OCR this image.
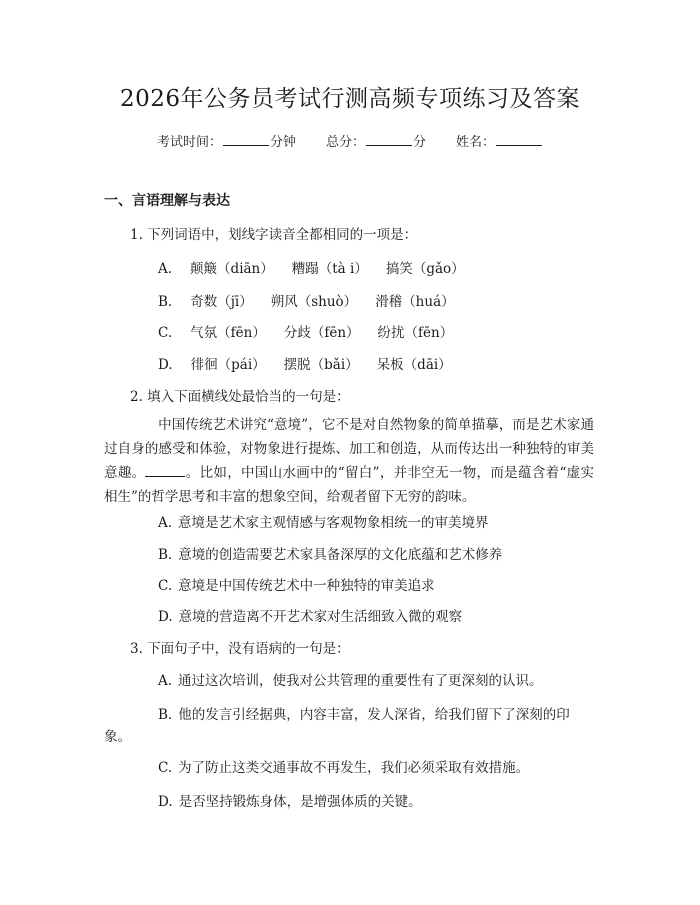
2026年公务员考试行测高频专项练习及答案
考试时间：	分钟 总分：	分 姓名：
一、言语理解与表达
1. 下列词语中，划线字读音全都相同的一项是：
A. 颠簸（diān） 糟蹋（tà i） 搞笑（gǎo）
B. 奇数（jī） 朔风（shuò） 滑稽（huá）
C. 气氛（fēn） 分歧（fēn） 纷扰（fēn）
D. 徘徊（pái） 摆脱（bǎi） 呆板（dāi）
2. 填入下面横线处最恰当的一句是：
中国传统艺术讲究“意境”，它不是对自然物象的简单描摹，而是艺术家通过自身的感受和体验，对物象进行提炼、加工和创造，从而传达出一种独特的审美意趣。	。比如，中国山水画中的“留白”，并非空无一物，而是蕴含着“虚实相生”的哲学思考和丰富的想象空间，给观者留下无穷的韵味。
A. 意境是艺术家主观情感与客观物象相统一的审美境界
B. 意境的创造需要艺术家具备深厚的文化底蕴和艺术修养
C. 意境是中国传统艺术中一种独特的审美追求
D. 意境的营造离不开艺术家对生活细致入微的观察
3. 下面句子中，没有语病的一句是：
A. 通过这次培训，使我对公共管理的重要性有了更深刻的认识。
B. 他的发言引经据典，内容丰富，发人深省，给我们留下了深刻的印
象。
C. 为了防止这类交通事故不再发生，我们必须采取有效措施。
D. 是否坚持锻炼身体，是增强体质的关键。
